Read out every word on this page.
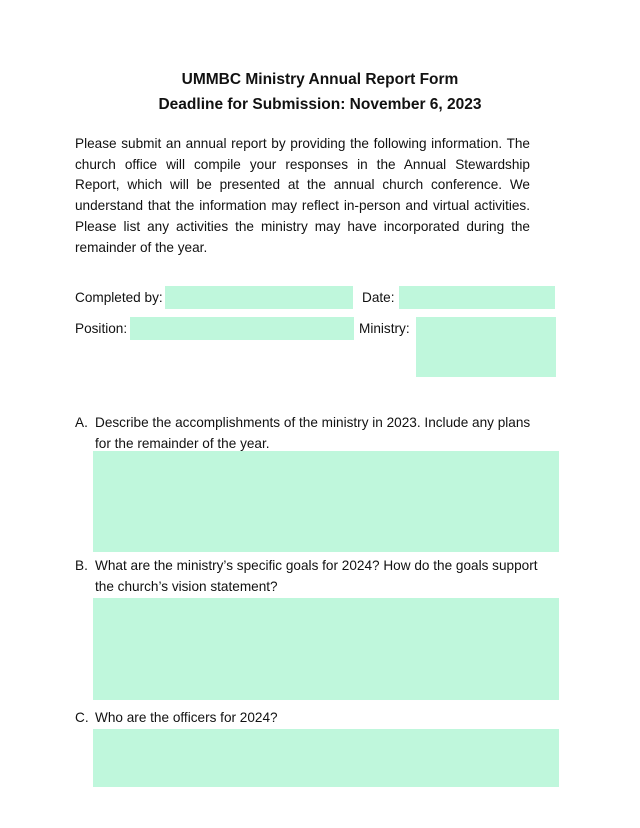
UMMBC Ministry Annual Report Form
Deadline for Submission: November 6, 2023
Please submit an annual report by providing the following information. The church office will compile your responses in the Annual Stewardship Report, which will be presented at the annual church conference. We understand that the information may reflect in-person and virtual activities. Please list any activities the ministry may have incorporated during the remainder of the year.
Completed by:	Date:
Position:	Ministry:
A. Describe the accomplishments of the ministry in 2023. Include any plans for the remainder of the year.
B. What are the ministry’s specific goals for 2024? How do the goals support the church’s vision statement?
C. Who are the officers for 2024?
